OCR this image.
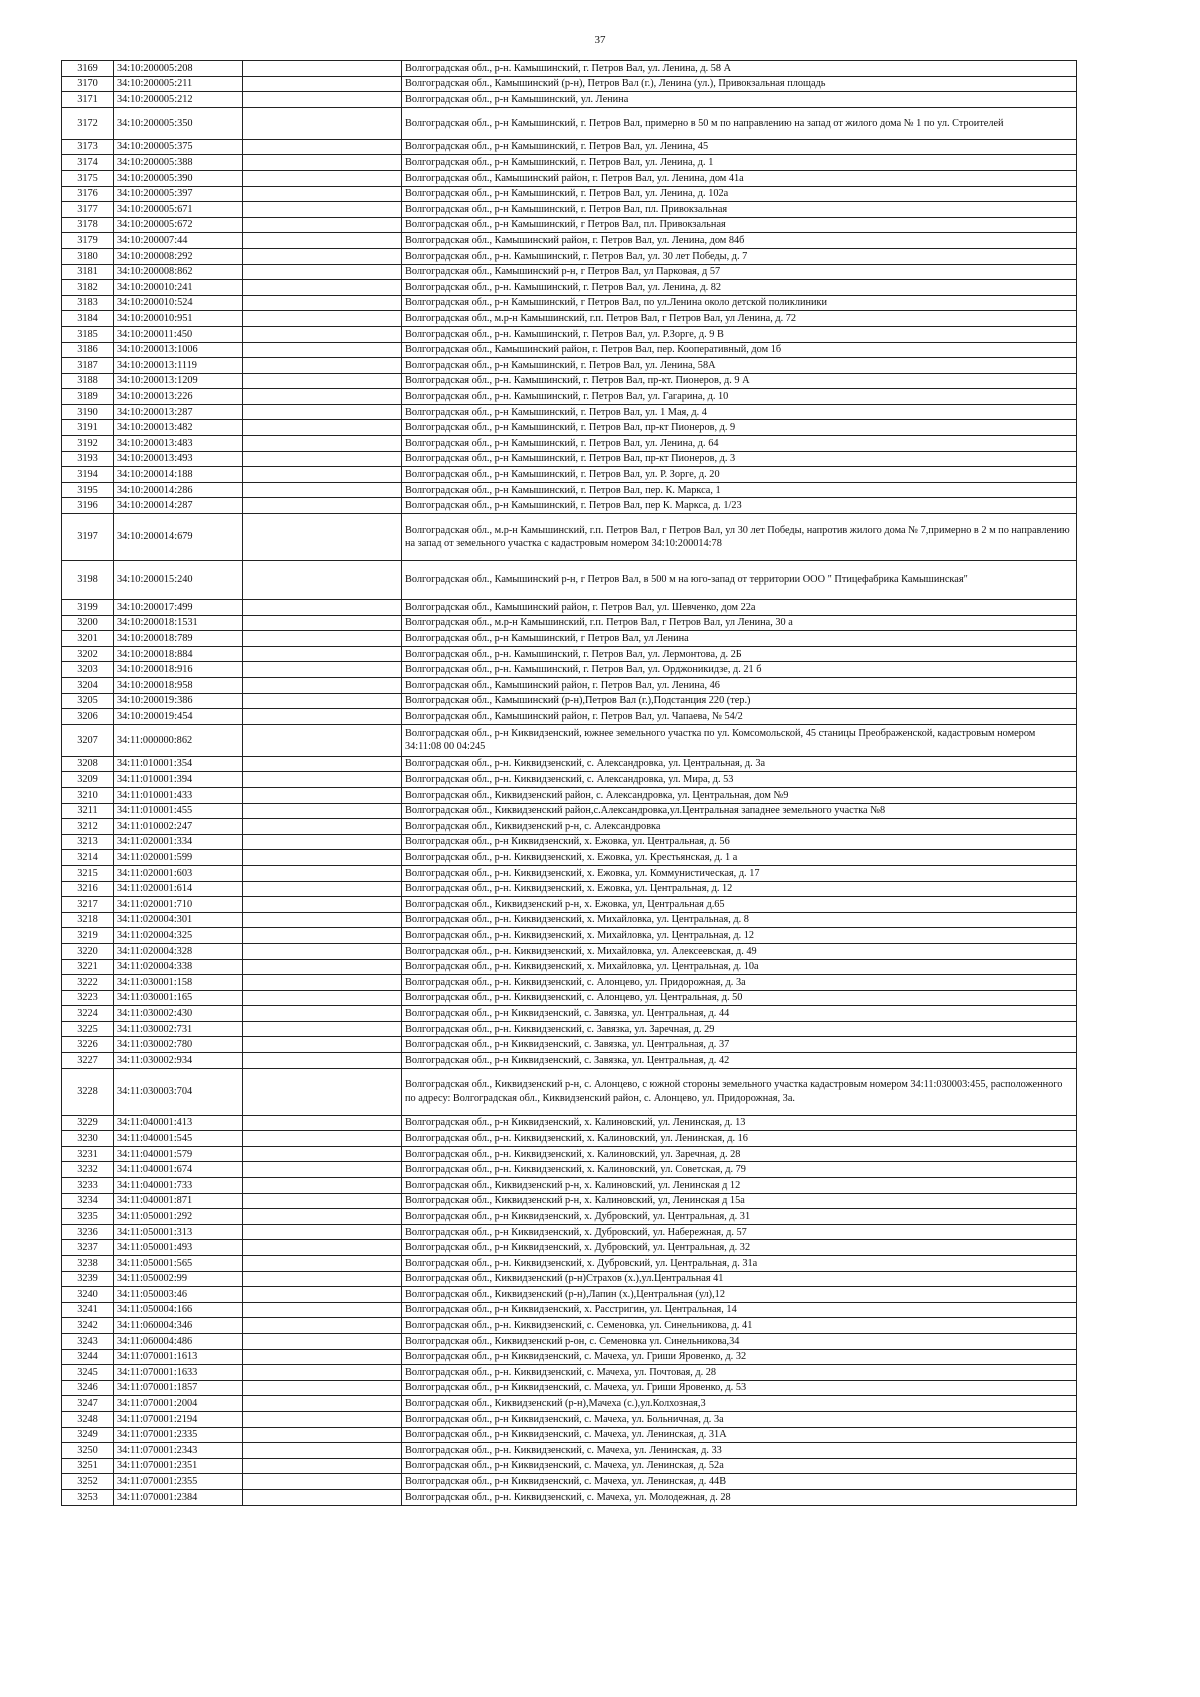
37
3169	34:10:200005:208		Волгоградская обл., р-н. Камышинский, г. Петров Вал, ул. Ленина, д. 58 А
3170	34:10:200005:211		Волгоградская обл., Камышинский (р-н), Петров Вал (г.), Ленина (ул.), Привокзальная площадь
3171	34:10:200005:212		Волгоградская обл., р-н Камышинский, ул. Ленина
3172	34:10:200005:350		Волгоградская обл., р-н Камышинский, г. Петров Вал, примерно в 50 м по направлению на запад от жилого дома № 1 по ул. Строителей
3173	34:10:200005:375		Волгоградская обл., р-н Камышинский, г. Петров Вал, ул. Ленина, 45
3174	34:10:200005:388		Волгоградская обл., р-н Камышинский, г. Петров Вал, ул. Ленина, д. 1
3175	34:10:200005:390		Волгоградская обл., Камышинский район, г. Петров Вал, ул. Ленина, дом 41а
3176	34:10:200005:397		Волгоградская обл., р-н Камышинский, г. Петров Вал, ул. Ленина, д. 102а
3177	34:10:200005:671		Волгоградская обл., р-н Камышинский, г. Петров Вал, пл. Привокзальная
3178	34:10:200005:672		Волгоградская обл., р-н Камышинский, г Петров Вал, пл. Привокзальная
3179	34:10:200007:44		Волгоградская обл., Камышинский район, г. Петров Вал, ул. Ленина, дом 84б
3180	34:10:200008:292		Волгоградская обл., р-н. Камышинский, г. Петров Вал, ул. 30 лет Победы, д. 7
3181	34:10:200008:862		Волгоградская обл., Камышинский р-н, г Петров Вал, ул Парковая, д 57
3182	34:10:200010:241		Волгоградская обл., р-н. Камышинский, г. Петров Вал, ул. Ленина, д. 82
3183	34:10:200010:524		Волгоградская обл., р-н Камышинский, г Петров Вал, по ул.Ленина около детской поликлиники
3184	34:10:200010:951		Волгоградская обл., м.р-н Камышинский, г.п. Петров Вал, г Петров Вал, ул Ленина, д. 72
3185	34:10:200011:450		Волгоградская обл., р-н. Камышинский, г. Петров Вал, ул. Р.Зорге, д. 9 В
3186	34:10:200013:1006		Волгоградская обл., Камышинский район, г. Петров Вал, пер. Кооперативный, дом 1б
3187	34:10:200013:1119		Волгоградская обл., р-н Камышинский, г. Петров Вал, ул. Ленина, 58А
3188	34:10:200013:1209		Волгоградская обл., р-н. Камышинский, г. Петров Вал, пр-кт. Пионеров, д. 9 А
3189	34:10:200013:226		Волгоградская обл., р-н. Камышинский, г. Петров Вал, ул. Гагарина, д. 10
3190	34:10:200013:287		Волгоградская обл., р-н Камышинский, г. Петров Вал, ул. 1 Мая, д. 4
3191	34:10:200013:482		Волгоградская обл., р-н Камышинский, г. Петров Вал, пр-кт Пионеров, д. 9
3192	34:10:200013:483		Волгоградская обл., р-н Камышинский, г. Петров Вал, ул. Ленина, д. 64
3193	34:10:200013:493		Волгоградская обл., р-н Камышинский, г. Петров Вал, пр-кт Пионеров, д. 3
3194	34:10:200014:188		Волгоградская обл., р-н Камышинский, г. Петров Вал, ул. Р. Зорге, д. 20
3195	34:10:200014:286		Волгоградская обл., р-н Камышинский, г. Петров Вал, пер. К. Маркса, 1
3196	34:10:200014:287		Волгоградская обл., р-н Камышинский, г. Петров Вал, пер К. Маркса, д. 1/23
3197	34:10:200014:679		Волгоградская обл., м.р-н Камышинский, г.п. Петров Вал, г Петров Вал, ул 30 лет Победы, напротив жилого дома № 7,примерно в 2 м по направлению на запад от земельного участка с кадастровым номером 34:10:200014:78
3198	34:10:200015:240		Волгоградская обл., Камышинский р-н, г Петров Вал, в 500 м на юго-запад от территории ООО " Птицефабрика Камышинская"
3199	34:10:200017:499		Волгоградская обл., Камышинский район, г. Петров Вал, ул. Шевченко, дом 22а
3200	34:10:200018:1531		Волгоградская обл., м.р-н Камышинский, г.п. Петров Вал, г Петров Вал, ул Ленина, 30 а
3201	34:10:200018:789		Волгоградская обл., р-н Камышинский, г Петров Вал, ул Ленина
3202	34:10:200018:884		Волгоградская обл., р-н. Камышинский, г. Петров Вал, ул. Лермонтова, д. 2Б
3203	34:10:200018:916		Волгоградская обл., р-н. Камышинский, г. Петров Вал, ул. Орджоникидзе, д. 21 б
3204	34:10:200018:958		Волгоградская обл., Камышинский район, г. Петров Вал, ул. Ленина, 46
3205	34:10:200019:386		Волгоградская обл., Камышинский (р-н),Петров Вал (г.),Подстанция 220 (тер.)
3206	34:10:200019:454		Волгоградская обл., Камышинский район, г. Петров Вал, ул. Чапаева, № 54/2
3207	34:11:000000:862		Волгоградская обл., р-н Киквидзенский, южнее земельного участка по ул. Комсомольской, 45 станицы Преображенской, кадастровым номером 34:11:08 00 04:245
3208	34:11:010001:354		Волгоградская обл., р-н. Киквидзенский, с. Александровка, ул. Центральная, д. 3а
3209	34:11:010001:394		Волгоградская обл., р-н. Киквидзенский, с. Александровка, ул. Мира, д. 53
3210	34:11:010001:433		Волгоградская обл., Киквидзенский район, с. Александровка, ул. Центральная, дом №9
3211	34:11:010001:455		Волгоградская обл., Киквидзенский район,с.Александровка,ул.Центральная западнее земельного участка №8
3212	34:11:010002:247		Волгоградская обл., Киквидзенский р-н, с. Александровка
3213	34:11:020001:334		Волгоградская обл., р-н Киквидзенский, х. Ежовка, ул. Центральная, д. 56
3214	34:11:020001:599		Волгоградская обл., р-н. Киквидзенский, х. Ежовка, ул. Крестьянская, д. 1 а
3215	34:11:020001:603		Волгоградская обл., р-н. Киквидзенский, х. Ежовка, ул. Коммунистическая, д. 17
3216	34:11:020001:614		Волгоградская обл., р-н. Киквидзенский, х. Ежовка, ул. Центральная, д. 12
3217	34:11:020001:710		Волгоградская обл., Киквидзенский р-н, х. Ежовка, ул, Центральная д.65
3218	34:11:020004:301		Волгоградская обл., р-н. Киквидзенский, х. Михайловка, ул. Центральная, д. 8
3219	34:11:020004:325		Волгоградская обл., р-н. Киквидзенский, х. Михайловка, ул. Центральная, д. 12
3220	34:11:020004:328		Волгоградская обл., р-н. Киквидзенский, х. Михайловка, ул. Алексеевская, д. 49
3221	34:11:020004:338		Волгоградская обл., р-н. Киквидзенский, х. Михайловка, ул. Центральная, д. 10а
3222	34:11:030001:158		Волгоградская обл., р-н. Киквидзенский, с. Алонцево, ул. Придорожная, д. 3а
3223	34:11:030001:165		Волгоградская обл., р-н. Киквидзенский, с. Алонцево, ул. Центральная, д. 50
3224	34:11:030002:430		Волгоградская обл., р-н Киквидзенский, с. Завязка, ул. Центральная, д. 44
3225	34:11:030002:731		Волгоградская обл., р-н. Киквидзенский, с. Завязка, ул. Заречная, д. 29
3226	34:11:030002:780		Волгоградская обл., р-н Киквидзенский, с. Завязка, ул. Центральная, д. 37
3227	34:11:030002:934		Волгоградская обл., р-н Киквидзенский, с. Завязка, ул. Центральная, д. 42
3228	34:11:030003:704		Волгоградская обл., Киквидзенский р-н, с. Алонцево, с южной стороны земельного участка кадастровым номером 34:11:030003:455, расположенного по адресу: Волгоградская обл., Киквидзенский район, с. Алонцево, ул. Придорожная, 3а.
3229	34:11:040001:413		Волгоградская обл., р-н Киквидзенский, х. Калиновский, ул. Ленинская, д. 13
3230	34:11:040001:545		Волгоградская обл., р-н. Киквидзенский, х. Калиновский, ул. Ленинская, д. 16
3231	34:11:040001:579		Волгоградская обл., р-н. Киквидзенский, х. Калиновский, ул. Заречная, д. 28
3232	34:11:040001:674		Волгоградская обл., р-н. Киквидзенский, х. Калиновский, ул. Советская, д. 79
3233	34:11:040001:733		Волгоградская обл., Киквидзенский р-н, х. Калиновский, ул. Ленинская д 12
3234	34:11:040001:871		Волгоградская обл., Киквидзенский р-н, х. Калиновский, ул, Ленинская д 15а
3235	34:11:050001:292		Волгоградская обл., р-н Киквидзенский, х. Дубровский, ул. Центральная, д. 31
3236	34:11:050001:313		Волгоградская обл., р-н Киквидзенский, х. Дубровский, ул. Набережная, д. 57
3237	34:11:050001:493		Волгоградская обл., р-н Киквидзенский, х. Дубровский, ул. Центральная, д. 32
3238	34:11:050001:565		Волгоградская обл., р-н. Киквидзенский, х. Дубровский, ул. Центральная, д. 31а
3239	34:11:050002:99		Волгоградская обл., Киквидзенский (р-н)Страхов (х.),ул.Центральная 41
3240	34:11:050003:46		Волгоградская обл., Киквидзенский (р-н),Лапин (х.),Центральная (ул),12
3241	34:11:050004:166		Волгоградская обл., р-н Киквидзенский, х. Расстригин, ул. Центральная, 14
3242	34:11:060004:346		Волгоградская обл., р-н. Киквидзенский, с. Семеновка, ул. Синельникова, д. 41
3243	34:11:060004:486		Волгоградская обл., Киквидзенский р-он, с. Семеновка ул. Синельникова,34
3244	34:11:070001:1613		Волгоградская обл., р-н Киквидзенский, с. Мачеха, ул. Гриши Яровенко, д. 32
3245	34:11:070001:1633		Волгоградская обл., р-н. Киквидзенский, с. Мачеха, ул. Почтовая, д. 28
3246	34:11:070001:1857		Волгоградская обл., р-н Киквидзенский, с. Мачеха, ул. Гриши Яровенко, д. 53
3247	34:11:070001:2004		Волгоградская обл., Киквидзенский (р-н),Мачеха (с.),ул.Колхозная,3
3248	34:11:070001:2194		Волгоградская обл., р-н Киквидзенский, с. Мачеха, ул. Больничная, д. 3а
3249	34:11:070001:2335		Волгоградская обл., р-н Киквидзенский, с. Мачеха, ул. Ленинская, д. 31А
3250	34:11:070001:2343		Волгоградская обл., р-н. Киквидзенский, с. Мачеха, ул. Ленинская, д. 33
3251	34:11:070001:2351		Волгоградская обл., р-н Киквидзенский, с. Мачеха, ул. Ленинская, д. 52а
3252	34:11:070001:2355		Волгоградская обл., р-н Киквидзенский, с. Мачеха, ул. Ленинская, д. 44В
3253	34:11:070001:2384		Волгоградская обл., р-н. Киквидзенский, с. Мачеха, ул. Молодежная, д. 28
